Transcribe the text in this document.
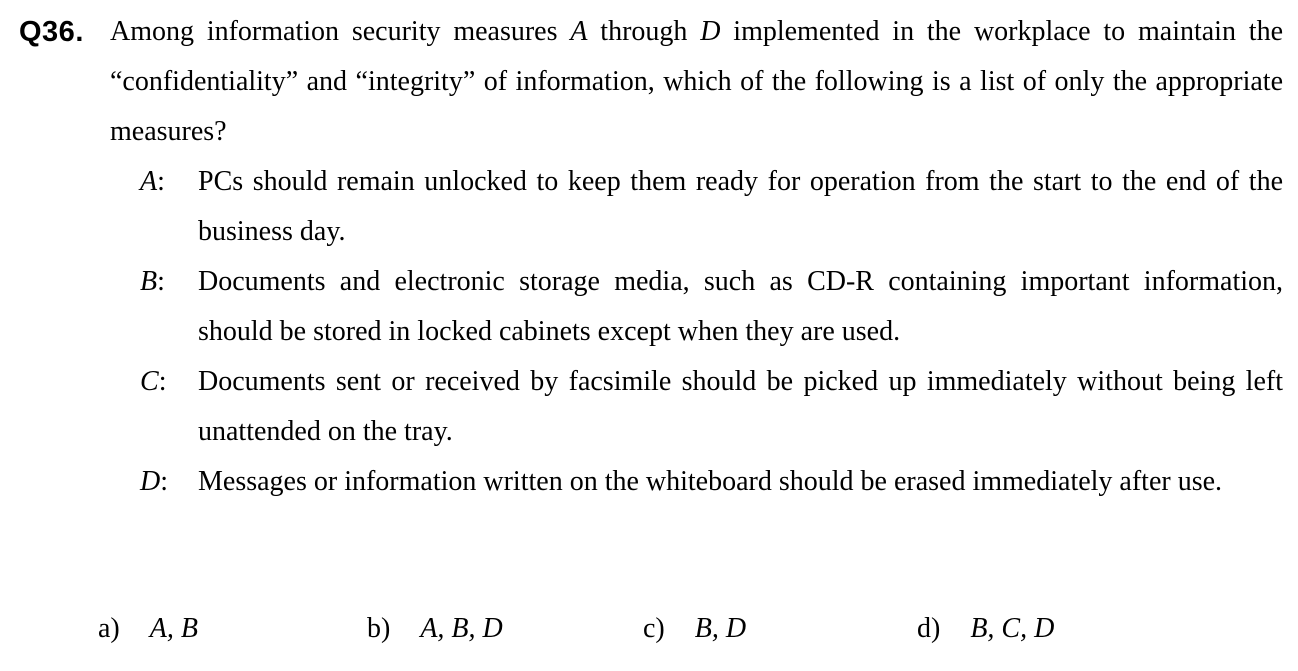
Q36. Among information security measures A through D implemented in the workplace to maintain the “confidentiality” and “integrity” of information, which of the following is a list of only the appropriate measures?

A:	PCs should remain unlocked to keep them ready for operation from the start to the end of the business day.
B:	Documents and electronic storage media, such as CD-R containing important information, should be stored in locked cabinets except when they are used.
C:	Documents sent or received by facsimile should be picked up immediately without being left unattended on the tray.
D:	Messages or information written on the whiteboard should be erased immediately after use.
a) A, B	b) A, B, D	c) B, D	d) B, C, D
